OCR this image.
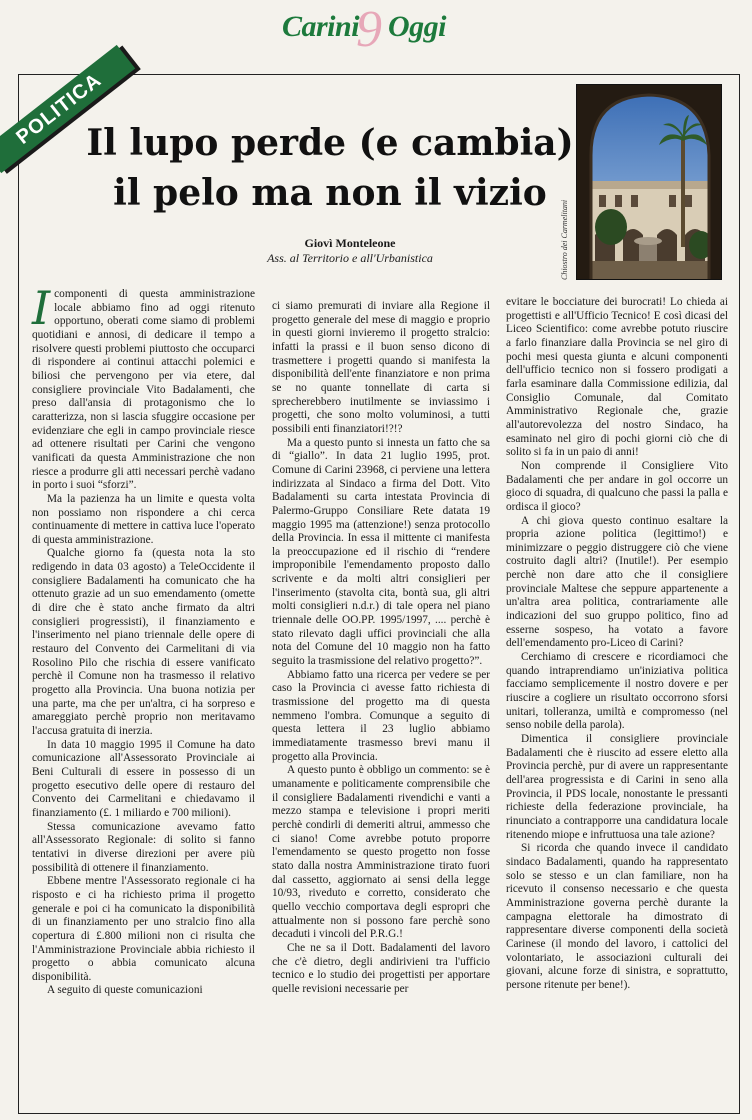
9
Carini Oggi
POLITICA
Il lupo perde (e cambia)
il pelo ma non il vizio
Giovì Monteleone
Ass. al Territorio e all'Urbanistica	Chiostro dei Carmelitani

Icomponenti di questa amministrazione locale abbiamo fino ad oggi ritenuto opportuno, oberati come siamo di problemi quotidiani e annosi, di dedicare il tempo a risolvere questi problemi piuttosto che occuparci di rispondere ai continui attacchi polemici e biliosi che pervengono per via etere, dal consigliere provinciale Vito Badalamenti, che preso dall'ansia di protagonismo che lo caratterizza, non si lascia sfuggire occasione per evidenziare che egli in campo provinciale riesce ad ottenere risultati per Carini che vengono vanificati da questa Amministrazione che non riesce a produrre gli atti necessari perchè vadano in porto i suoi “sforzi”.

Ma la pazienza ha un limite e questa volta non possiamo non rispondere a chi cerca continuamente di mettere in cattiva luce l'operato di questa amministrazione.

Qualche giorno fa (questa nota la sto redigendo in data 03 agosto) a TeleOccidente il consigliere Badalamenti ha comunicato che ha ottenuto grazie ad un suo emendamento (omette di dire che è stato anche firmato da altri consiglieri progressisti), il finanziamento e l'inserimento nel piano triennale delle opere di restauro del Convento dei Carmelitani di via Rosolino Pilo che rischia di essere vanificato perchè il Comune non ha trasmesso il relativo progetto alla Provincia. Una buona notizia per una parte, ma che per un'altra, ci ha sorpreso e amareggiato perchè proprio non meritavamo l'accusa gratuita di inerzia.

In data 10 maggio 1995 il Comune ha dato comunicazione all'Assessorato Provinciale ai Beni Culturali di essere in possesso di un progetto esecutivo delle opere di restauro del Convento dei Carmelitani e chiedavamo il finanziamento (£. 1 miliardo e 700 milioni).

Stessa comunicazione avevamo fatto all'Assessorato Regionale: di solito si fanno tentativi in diverse direzioni per avere più possibilità di ottenere il finanziamento.

Ebbene mentre l'Assessorato regionale ci ha risposto e ci ha richiesto prima il progetto generale e poi ci ha comunicato la disponibilità di un finanziamento per uno stralcio fino alla copertura di £.800 milioni non ci risulta che l'Amministrazione Provinciale abbia richiesto il progetto o abbia comunicato alcuna disponibilità.

A seguito di queste comunicazioni

ci siamo premurati di inviare alla Regione il progetto generale del mese di maggio e proprio in questi giorni invieremo il progetto stralcio: infatti la prassi e il buon senso dicono di trasmettere i progetti quando si manifesta la disponibilità dell'ente finanziatore e non prima se no quante tonnellate di carta si sprecherebbero inutilmente se inviassimo i progetti, che sono molto voluminosi, a tutti possibili enti finanziatori!?!?

Ma a questo punto si innesta un fatto che sa di “giallo”. In data 21 luglio 1995, prot. Comune di Carini 23968, ci perviene una lettera indirizzata al Sindaco a firma del Dott. Vito Badalamenti su carta intestata Provincia di Palermo-Gruppo Consiliare Rete datata 19 maggio 1995 ma (attenzione!) senza protocollo della Provincia. In essa il mittente ci manifesta la preoccupazione ed il rischio di “rendere improponibile l'emendamento proposto dallo scrivente e da molti altri consiglieri per l'inserimento (stavolta cita, bontà sua, gli altri molti consiglieri n.d.r.) di tale opera nel piano triennale delle OO.PP. 1995/1997, .... perchè è stato rilevato dagli uffici provinciali che alla nota del Comune del 10 maggio non ha fatto seguito la trasmissione del relativo progetto?”.

Abbiamo fatto una ricerca per vedere se per caso la Provincia ci avesse fatto richiesta di trasmissione del progetto ma di questa nemmeno l'ombra. Comunque a seguito di questa lettera il 23 luglio abbiamo immediatamente trasmesso brevi manu il progetto alla Provincia.

A questo punto è obbligo un commento: se è umanamente e politicamente comprensibile che il consigliere Badalamenti rivendichi e vanti a mezzo stampa e televisione i propri meriti perchè condirli di demeriti altrui, ammesso che ci siano! Come avrebbe potuto proporre l'emendamento se questo progetto non fosse stato dalla nostra Amministrazione tirato fuori dal cassetto, aggiornato ai sensi della legge 10/93, riveduto e corretto, considerato che quello vecchio comportava degli espropri che attualmente non si possono fare perchè sono decaduti i vincoli del P.R.G.!

Che ne sa il Dott. Badalamenti del lavoro che c'è dietro, degli andirivieni tra l'ufficio tecnico e lo studio dei progettisti per apportare quelle revisioni necessarie per

evitare le bocciature dei burocrati! Lo chieda ai progettisti e all'Ufficio Tecnico! E così dicasi del Liceo Scientifico: come avrebbe potuto riuscire a farlo finanziare dalla Provincia se nel giro di pochi mesi questa giunta e alcuni componenti dell'ufficio tecnico non si fossero prodigati a farla esaminare dalla Commissione edilizia, dal Consiglio Comunale, dal Comitato Amministrativo Regionale che, grazie all'autorevolezza del nostro Sindaco, ha esaminato nel giro di pochi giorni ciò che di solito si fa in un paio di anni!

Non comprende il Consigliere Vito Badalamenti che per andare in gol occorre un gioco di squadra, di qualcuno che passi la palla e ordisca il gioco?

A chi giova questo continuo esaltare la propria azione politica (legittimo!) e minimizzare o peggio distruggere ciò che viene costruito dagli altri? (Inutile!). Per esempio perchè non dare atto che il consigliere provinciale Maltese che seppure appartenente a un'altra area politica, contrariamente alle indicazioni del suo gruppo politico, fino ad esserne sospeso, ha votato a favore dell'emendamento pro-Liceo di Carini?

Cerchiamo di crescere e ricordiamoci che quando intraprendiamo un'iniziativa politica facciamo semplicemente il nostro dovere e per riuscire a cogliere un risultato occorrono sforsi unitari, tolleranza, umiltà e compromesso (nel senso nobile della parola).

Dimentica il consigliere provinciale Badalamenti che è riuscito ad essere eletto alla Provincia perchè, pur di avere un rappresentante dell'area progressista e di Carini in seno alla Provincia, il PDS locale, nonostante le pressanti richieste della federazione provinciale, ha rinunciato a contrapporre una candidatura locale ritenendo miope e infruttuosa una tale azione?

Si ricorda che quando invece il candidato sindaco Badalamenti, quando ha rappresentato solo se stesso e un clan familiare, non ha ricevuto il consenso necessario e che questa Amministrazione governa perchè durante la campagna elettorale ha dimostrato di rappresentare diverse componenti della società Carinese (il mondo del lavoro, i cattolici del volontariato, le associazioni culturali dei giovani, alcune forze di sinistra, e soprattutto, persone ritenute per bene!).
